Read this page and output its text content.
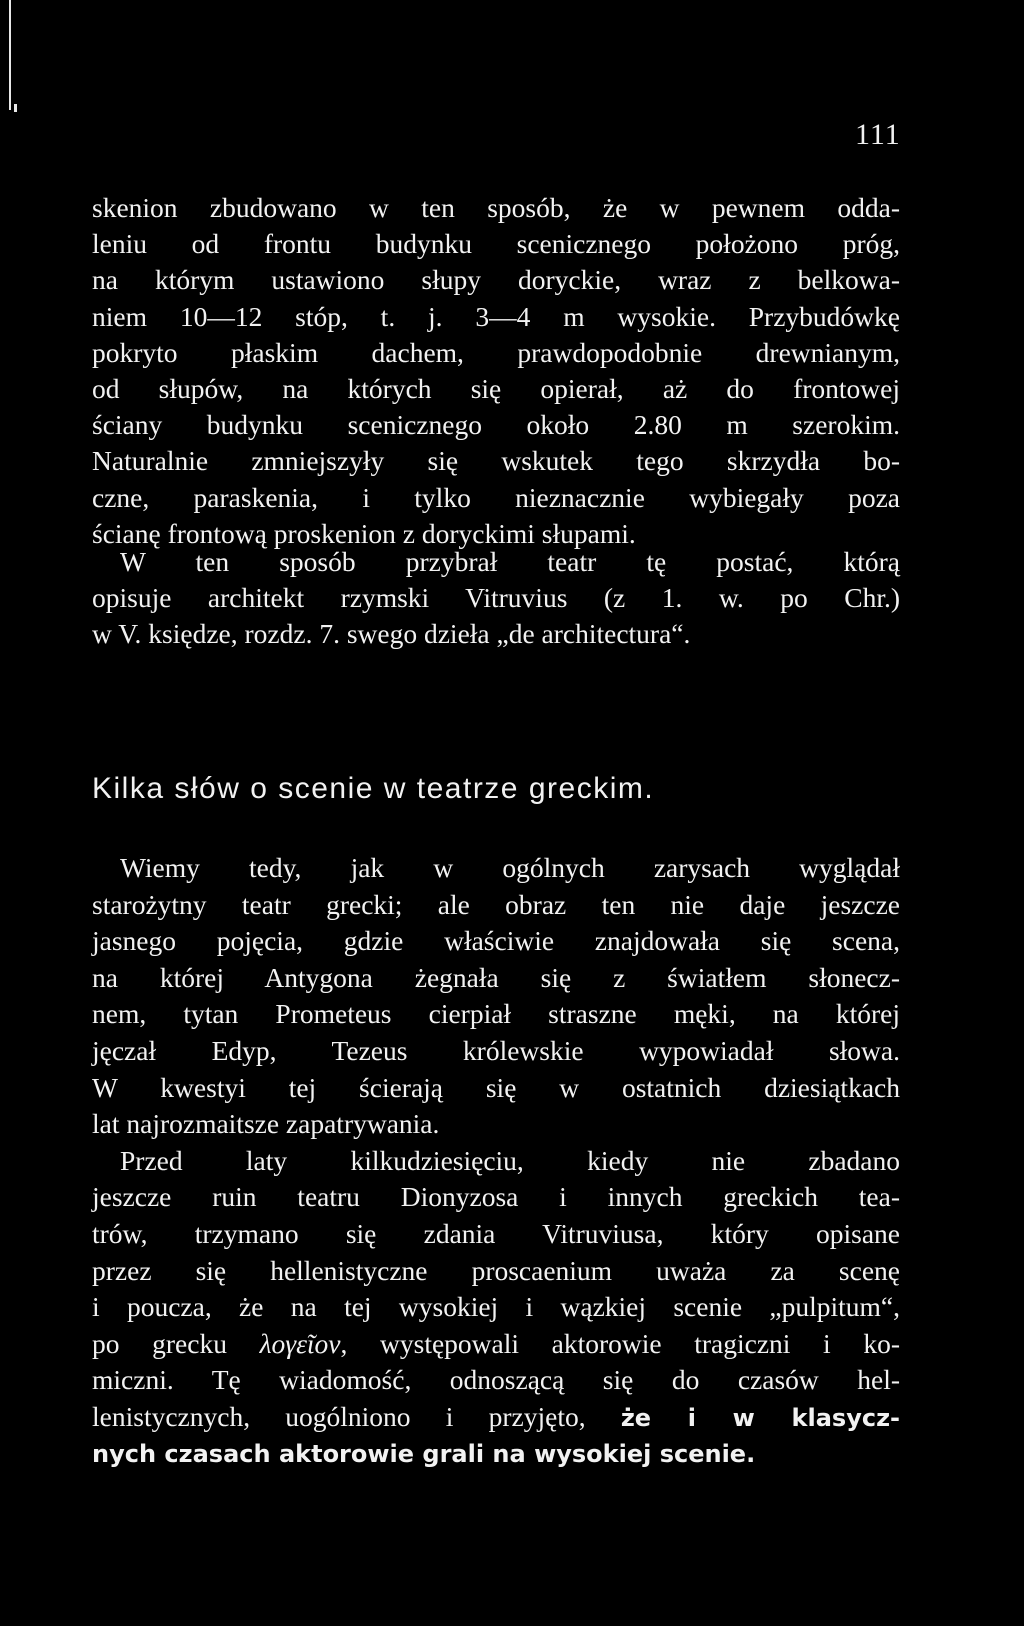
111
skenion zbudowano w ten sposób, że w pewnem odda-
leniu od frontu budynku scenicznego położono próg,
na którym ustawiono słupy doryckie, wraz z belkowa-
niem 10—12 stóp, t. j. 3—4 m wysokie. Przybudówkę
pokryto płaskim dachem, prawdopodobnie drewnianym,
od słupów, na których się opierał, aż do frontowej
ściany budynku scenicznego około 2.80 m szerokim.
Naturalnie zmniejszyły się wskutek tego skrzydła bo-
czne, paraskenia, i tylko nieznacznie wybiegały poza
ścianę frontową proskenion z doryckimi słupami.
W ten sposób przybrał teatr tę postać, którą
opisuje architekt rzymski Vitruvius (z 1. w. po Chr.)
w V. księdze, rozdz. 7. swego dzieła „de architectura“.
Kilka słów o scenie w teatrze greckim.
Wiemy tedy, jak w ogólnych zarysach wyglądał
starożytny teatr grecki; ale obraz ten nie daje jeszcze
jasnego pojęcia, gdzie właściwie znajdowała się scena,
na której Antygona żegnała się z światłem słonecz-
nem, tytan Prometeus cierpiał straszne męki, na której
jęczał Edyp, Tezeus królewskie wypowiadał słowa.
W kwestyi tej ścierają się w ostatnich dziesiątkach
lat najrozmaitsze zapatrywania.
Przed laty kilkudziesięciu, kiedy nie zbadano
jeszcze ruin teatru Dionyzosa i innych greckich tea-
trów, trzymano się zdania Vitruviusa, który opisane
przez się hellenistyczne proscaenium uważa za scenę
i poucza, że na tej wysokiej i wązkiej scenie „pulpitum“,
po grecku λογεῖον, występowali aktorowie tragiczni i ko-
miczni. Tę wiadomość, odnoszącą się do czasów hel-
lenistycznych, uogólniono i przyjęto, że i w klasycz-
nych czasach aktorowie grali na wysokiej scenie.
